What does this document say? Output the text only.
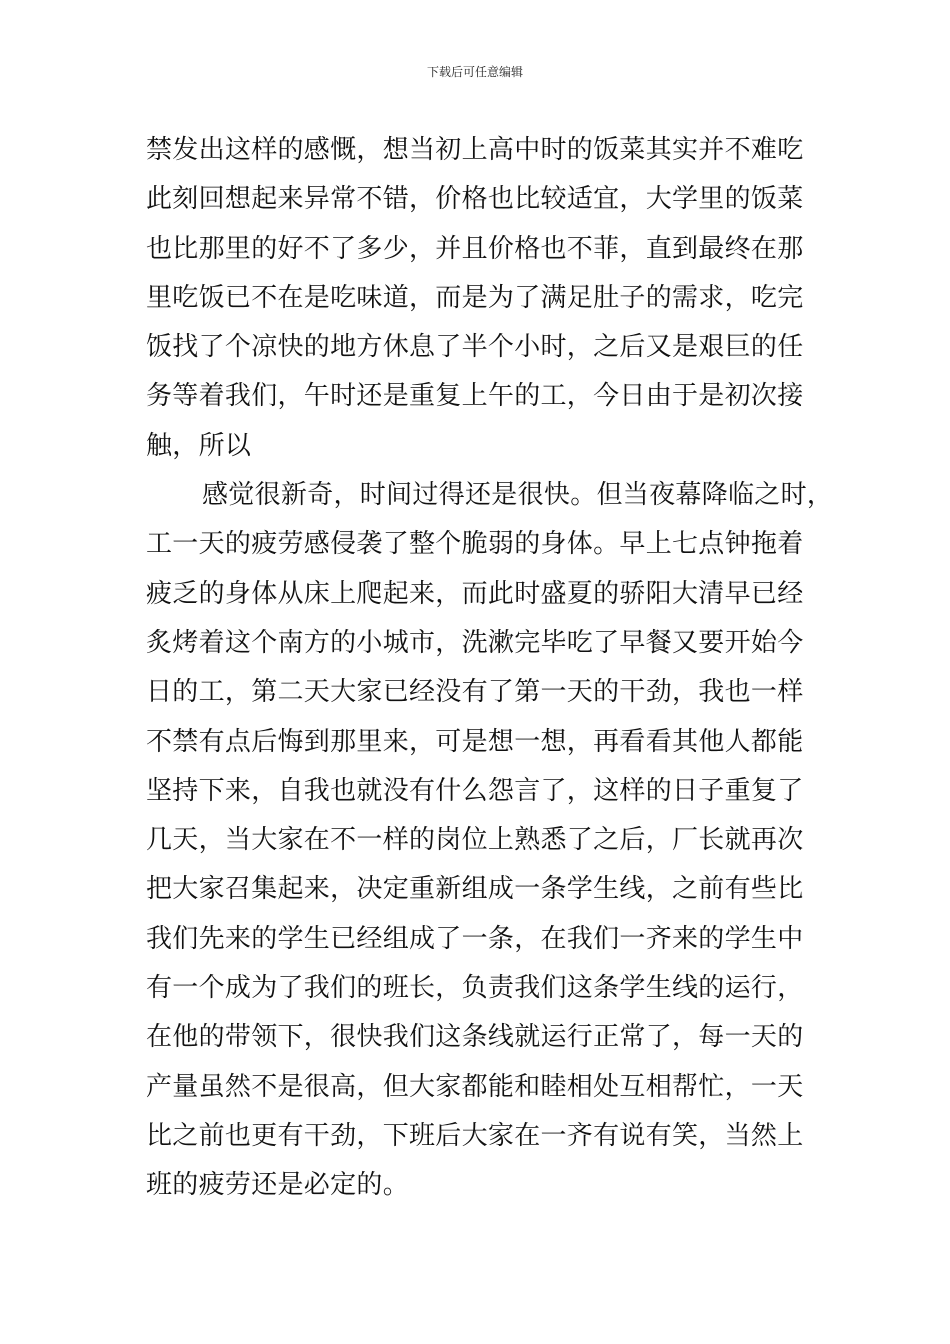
下载后可任意编辑

禁发出这样的感慨，想当初上高中时的饭菜其实并不难吃
此刻回想起来异常不错，价格也比较适宜，大学里的饭菜
也比那里的好不了多少，并且价格也不菲，直到最终在那
里吃饭已不在是吃味道，而是为了满足肚子的需求，吃完
饭找了个凉快的地方休息了半个小时，之后又是艰巨的任
务等着我们，午时还是重复上午的工，今日由于是初次接
触，所以

感觉很新奇，时间过得还是很快。但当夜幕降临之时，
工一天的疲劳感侵袭了整个脆弱的身体。早上七点钟拖着
疲乏的身体从床上爬起来，而此时盛夏的骄阳大清早已经
炙烤着这个南方的小城市，洗漱完毕吃了早餐又要开始今
日的工，第二天大家已经没有了第一天的干劲，我也一样
不禁有点后悔到那里来，可是想一想，再看看其他人都能
坚持下来，自我也就没有什么怨言了，这样的日子重复了
几天，当大家在不一样的岗位上熟悉了之后，厂长就再次
把大家召集起来，决定重新组成一条学生线，之前有些比
我们先来的学生已经组成了一条，在我们一齐来的学生中
有一个成为了我们的班长，负责我们这条学生线的运行，
在他的带领下，很快我们这条线就运行正常了，每一天的
产量虽然不是很高，但大家都能和睦相处互相帮忙，一天
比之前也更有干劲，下班后大家在一齐有说有笑，当然上
班的疲劳还是必定的。
